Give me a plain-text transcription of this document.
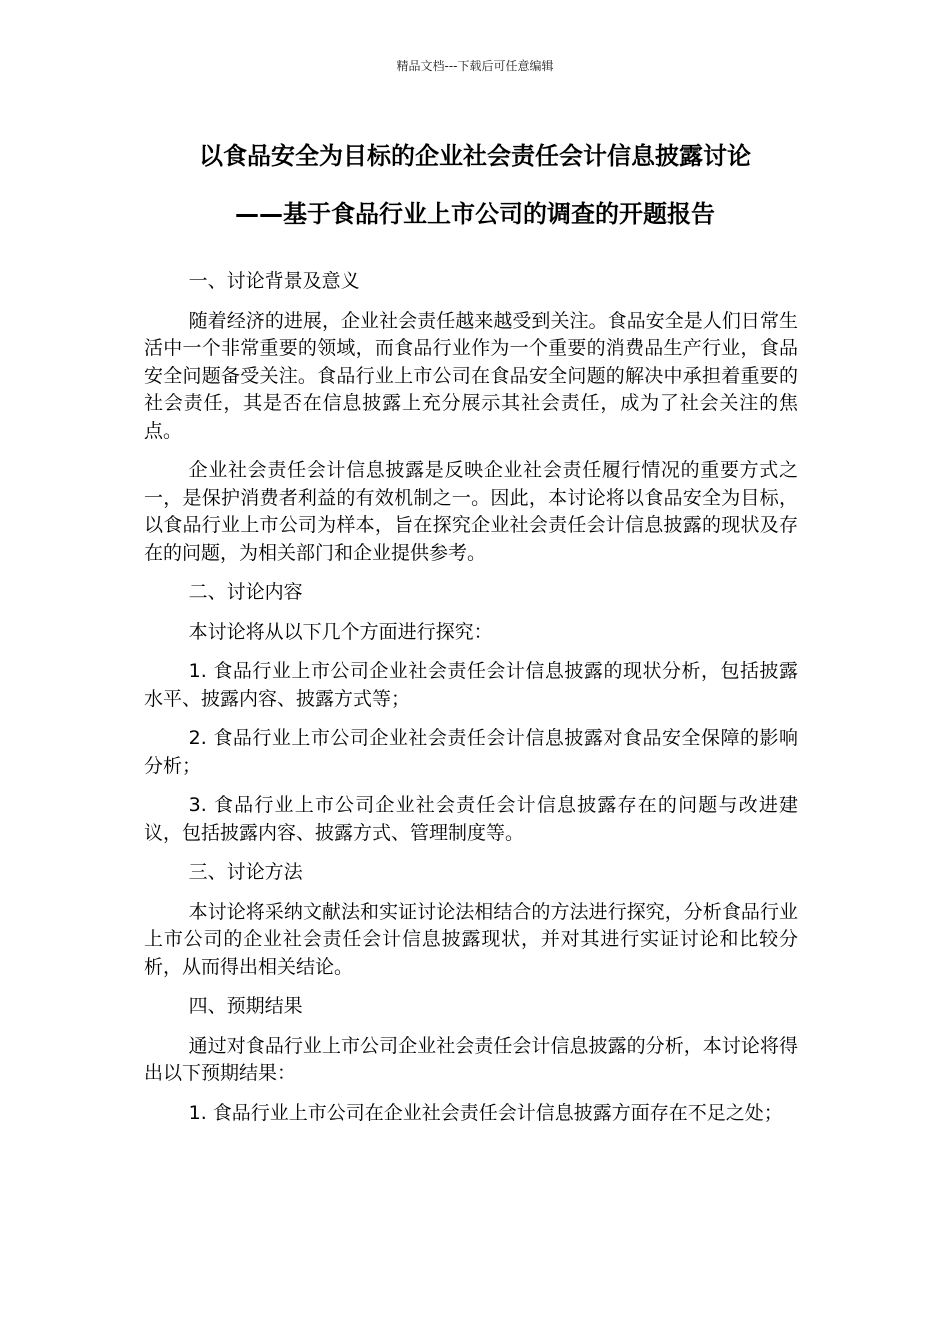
精品文档---下载后可任意编辑
以食品安全为目标的企业社会责任会计信息披露讨论
——基于食品行业上市公司的调查的开题报告

一、讨论背景及意义

随着经济的进展，企业社会责任越来越受到关注。食品安全是人们日常生活中一个非常重要的领域，而食品行业作为一个重要的消费品生产行业，食品安全问题备受关注。食品行业上市公司在食品安全问题的解决中承担着重要的社会责任，其是否在信息披露上充分展示其社会责任，成为了社会关注的焦点。

企业社会责任会计信息披露是反映企业社会责任履行情况的重要方式之一，是保护消费者利益的有效机制之一。因此，本讨论将以食品安全为目标，以食品行业上市公司为样本，旨在探究企业社会责任会计信息披露的现状及存在的问题，为相关部门和企业提供参考。

二、讨论内容

本讨论将从以下几个方面进行探究：

1. 食品行业上市公司企业社会责任会计信息披露的现状分析，包括披露水平、披露内容、披露方式等；

2. 食品行业上市公司企业社会责任会计信息披露对食品安全保障的影响分析；

3. 食品行业上市公司企业社会责任会计信息披露存在的问题与改进建议，包括披露内容、披露方式、管理制度等。

三、讨论方法

本讨论将采纳文献法和实证讨论法相结合的方法进行探究，分析食品行业上市公司的企业社会责任会计信息披露现状，并对其进行实证讨论和比较分析，从而得出相关结论。

四、预期结果

通过对食品行业上市公司企业社会责任会计信息披露的分析，本讨论将得出以下预期结果：

1. 食品行业上市公司在企业社会责任会计信息披露方面存在不足之处；
